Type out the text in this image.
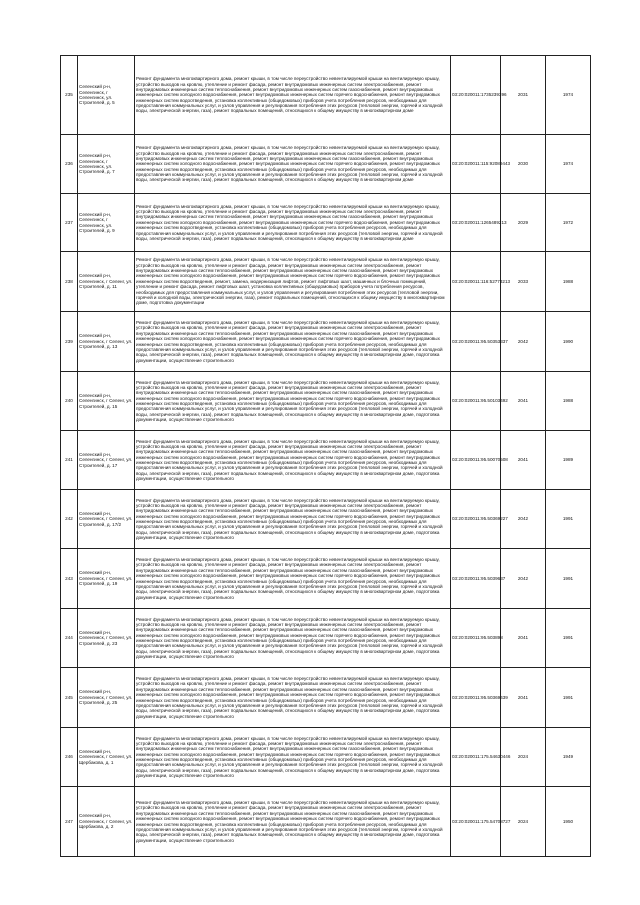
235	Селенский р-н, Селенгинск, г Селенгинск, ул. Строителей, д. 5	Ремонт фундамента многоквартирного дома, ремонт крыши, в том числе переустройство невентилируемой крыши на вентилируемую крышу, устройство выходов на кровлю, утепление и ремонт фасада, ремонт внутридомовых инженерных систем электроснабжения, ремонт внутридомовых инженерных систем теплоснабжения, ремонт внутридомовых инженерных систем газоснабжения, ремонт внутридомовых инженерных систем холодного водоснабжения, ремонт внутридомовых инженерных систем горячего водоснабжения, ремонт внутридомовых инженерных систем водоотведения, установка коллективных (общедомовых) приборов учета потребления ресурсов, необходимых для предоставления коммунальных услуг, и узлов управления и регулирования потребления этих ресурсов (тепловой энергии, горячей и холодной воды, электрической энергии, газа), ремонт подвальных помещений, относящихся к общему имуществу в многоквартирном доме	03:20:020011:1735239396	2031	1974
236	Селенский р-н, Селенгинск, г Селенгинск, ул. Строителей, д. 7	Ремонт фундамента многоквартирного дома, ремонт крыши, в том числе переустройство невентилируемой крыши на вентилируемую крышу, устройство выходов на кровлю, утепление и ремонт фасада, ремонт внутридомовых инженерных систем электроснабжения, ремонт внутридомовых инженерных систем теплоснабжения, ремонт внутридомовых инженерных систем газоснабжения, ремонт внутридомовых инженерных систем холодного водоснабжения, ремонт внутридомовых инженерных систем горячего водоснабжения, ремонт внутридомовых инженерных систем водоотведения, установка коллективных (общедомовых) приборов учета потребления ресурсов, необходимых для предоставления коммунальных услуг, и узлов управления и регулирования потребления этих ресурсов (тепловой энергии, горячей и холодной воды, электрической энергии, газа), ремонт подвальных помещений, относящихся к общему имуществу в многоквартирном доме	03:20:020011:115:92089443	2030	1974
237	Селенский р-н, Селенгинск, г Селенгинск, ул. Строителей, д. 9	Ремонт фундамента многоквартирного дома, ремонт крыши, в том числе переустройство невентилируемой крыши на вентилируемую крышу, устройство выходов на кровлю, утепление и ремонт фасада, ремонт внутридомовых инженерных систем электроснабжения, ремонт внутридомовых инженерных систем теплоснабжения, ремонт внутридомовых инженерных систем газоснабжения, ремонт внутридомовых инженерных систем холодного водоснабжения, ремонт внутридомовых инженерных систем горячего водоснабжения, ремонт внутридомовых инженерных систем водоотведения, установка коллективных (общедомовых) приборов учета потребления ресурсов, необходимых для предоставления коммунальных услуг, и узлов управления и регулирования потребления этих ресурсов (тепловой энергии, горячей и холодной воды, электрической энергии, газа), ремонт подвальных помещений, относящихся к общему имуществу в многоквартирном доме	03:20:020011:1265489213	2029	1972
238	Селенский р-н, Селенгинск, г Селенг, ул. Строителей, д. 11	Ремонт фундамента многоквартирного дома, ремонт крыши, в том числе переустройство невентилируемой крыши на вентилируемую крышу, устройство выходов на кровлю, утепление и ремонт фасада, ремонт внутридомовых инженерных систем электроснабжения, ремонт внутридомовых инженерных систем теплоснабжения, ремонт внутридомовых инженерных систем газоснабжения, ремонт внутридомовых инженерных систем холодного водоснабжения, ремонт внутридомовых инженерных систем горячего водоснабжения, ремонт внутридомовых инженерных систем водоотведения, ремонт, замена, модернизация лифтов, ремонт лифтовых шахт, машинных и блочных помещений, утепление и ремонт фасада, ремонт лифтовых шахт, установка коллективных (общедомовых) приборов учета потребления ресурсов, необходимых для предоставления коммунальных услуг, и узлов управления и регулирования потребления этих ресурсов (тепловой энергии, горячей и холодной воды, электрической энергии, газа), ремонт подвальных помещений, относящихся к общему имуществу в многоквартирном доме, подготовка документации	03:20:020011:116:52773213	2033	1988
239	Селенский р-н, Селенгинск, г Селенг, ул. Строителей, д. 13	Ремонт фундамента многоквартирного дома, ремонт крыши, в том числе переустройство невентилируемой крыши на вентилируемую крышу, устройство выходов на кровлю, утепление и ремонт фасада, ремонт внутридомовых инженерных систем электроснабжения, ремонт внутридомовых инженерных систем теплоснабжения, ремонт внутридомовых инженерных систем газоснабжения, ремонт внутридомовых инженерных систем холодного водоснабжения, ремонт внутридомовых инженерных систем горячего водоснабжения, ремонт внутридомовых инженерных систем водоотведения, установка коллективных (общедомовых) приборов учета потребления ресурсов, необходимых для предоставления коммунальных услуг, и узлов управления и регулирования потребления этих ресурсов (тепловой энергии, горячей и холодной воды, электрической энергии, газа), ремонт подвальных помещений, относящихся к общему имуществу в многоквартирном доме, подготовка документации, осуществление строительного	03:20:020011:95.50353337	2042	1990
240	Селенский р-н, Селенгинск, г Селенг, ул. Строителей, д. 15	Ремонт фундамента многоквартирного дома, ремонт крыши, в том числе переустройство невентилируемой крыши на вентилируемую крышу, устройство выходов на кровлю, утепление и ремонт фасада, ремонт внутридомовых инженерных систем электроснабжения, ремонт внутридомовых инженерных систем теплоснабжения, ремонт внутридомовых инженерных систем газоснабжения, ремонт внутридомовых инженерных систем холодного водоснабжения, ремонт внутридомовых инженерных систем горячего водоснабжения, ремонт внутридомовых инженерных систем водоотведения, установка коллективных (общедомовых) приборов учета потребления ресурсов, необходимых для предоставления коммунальных услуг, и узлов управления и регулирования потребления этих ресурсов (тепловой энергии, горячей и холодной воды, электрической энергии, газа), ремонт подвальных помещений, относящихся к общему имуществу в многоквартирном доме, подготовка документации, осуществление строительного	03:20:020011:95.50103492	2041	1988
241	Селенский р-н, Селенгинск, г Селенг, ул. Строителей, д. 17	Ремонт фундамента многоквартирного дома, ремонт крыши, в том числе переустройство невентилируемой крыши на вентилируемую крышу, устройство выходов на кровлю, утепление и ремонт фасада, ремонт внутридомовых инженерных систем электроснабжения, ремонт внутридомовых инженерных систем теплоснабжения, ремонт внутридомовых инженерных систем газоснабжения, ремонт внутридомовых инженерных систем холодного водоснабжения, ремонт внутридомовых инженерных систем горячего водоснабжения, ремонт внутридомовых инженерных систем водоотведения, установка коллективных (общедомовых) приборов учета потребления ресурсов, необходимых для предоставления коммунальных услуг, и узлов управления и регулирования потребления этих ресурсов (тепловой энергии, горячей и холодной воды, электрической энергии, газа), ремонт подвальных помещений, относящихся к общему имуществу в многоквартирном доме, подготовка документации, осуществление строительного	03:20:020011:95.50070508	2041	1989
242	Селенский р-н, Селенгинск, г Селенг, ул. Строителей, д. 17/2	Ремонт фундамента многоквартирного дома, ремонт крыши, в том числе переустройство невентилируемой крыши на вентилируемую крышу, устройство выходов на кровлю, утепление и ремонт фасада, ремонт внутридомовых инженерных систем электроснабжения, ремонт внутридомовых инженерных систем теплоснабжения, ремонт внутридомовых инженерных систем газоснабжения, ремонт внутридомовых инженерных систем холодного водоснабжения, ремонт внутридомовых инженерных систем горячего водоснабжения, ремонт внутридомовых инженерных систем водоотведения, установка коллективных (общедомовых) приборов учета потребления ресурсов, необходимых для предоставления коммунальных услуг, и узлов управления и регулирования потребления этих ресурсов (тепловой энергии, горячей и холодной воды, электрической энергии, газа), ремонт подвальных помещений, относящихся к общему имуществу в многоквартирном доме, подготовка документации, осуществление строительного	03:20:020011:95.50369227	2042	1991
243	Селенский р-н, Селенгинск, г Селенг, ул. Строителей, д. 19	Ремонт фундамента многоквартирного дома, ремонт крыши, в том числе переустройство невентилируемой крыши на вентилируемую крышу, устройство выходов на кровлю, утепление и ремонт фасада, ремонт внутридомовых инженерных систем электроснабжения, ремонт внутридомовых инженерных систем теплоснабжения, ремонт внутридомовых инженерных систем газоснабжения, ремонт внутридомовых инженерных систем холодного водоснабжения, ремонт внутридомовых инженерных систем горячего водоснабжения, ремонт внутридомовых инженерных систем водоотведения, установка коллективных (общедомовых) приборов учета потребления ресурсов, необходимых для предоставления коммунальных услуг, и узлов управления и регулирования потребления этих ресурсов (тепловой энергии, горячей и холодной воды, электрической энергии, газа), ремонт подвальных помещений, относящихся к общему имуществу в многоквартирном доме, подготовка документации, осуществление строительного	03:20:020011:95.5039637	2042	1991
244	Селенский р-н, Селенгинск, г Селенг, ул. Строителей, д. 23	Ремонт фундамента многоквартирного дома, ремонт крыши, в том числе переустройство невентилируемой крыши на вентилируемую крышу, устройство выходов на кровлю, утепление и ремонт фасада, ремонт внутридомовых инженерных систем электроснабжения, ремонт внутридомовых инженерных систем теплоснабжения, ремонт внутридомовых инженерных систем газоснабжения, ремонт внутридомовых инженерных систем холодного водоснабжения, ремонт внутридомовых инженерных систем горячего водоснабжения, ремонт внутридомовых инженерных систем водоотведения, установка коллективных (общедомовых) приборов учета потребления ресурсов, необходимых для предоставления коммунальных услуг, и узлов управления и регулирования потребления этих ресурсов (тепловой энергии, горячей и холодной воды, электрической энергии, газа), ремонт подвальных помещений, относящихся к общему имуществу в многоквартирном доме, подготовка документации, осуществление строительного	03:20:020011:95.503898	2041	1991
245	Селенский р-н, Селенгинск, г Селенг, ул. Строителей, д. 25	Ремонт фундамента многоквартирного дома, ремонт крыши, в том числе переустройство невентилируемой крыши на вентилируемую крышу, устройство выходов на кровлю, утепление и ремонт фасада, ремонт внутридомовых инженерных систем электроснабжения, ремонт внутридомовых инженерных систем теплоснабжения, ремонт внутридомовых инженерных систем газоснабжения, ремонт внутридомовых инженерных систем холодного водоснабжения, ремонт внутридомовых инженерных систем горячего водоснабжения, ремонт внутридомовых инженерных систем водоотведения, установка коллективных (общедомовых) приборов учета потребления ресурсов, необходимых для предоставления коммунальных услуг, и узлов управления и регулирования потребления этих ресурсов (тепловой энергии, горячей и холодной воды, электрической энергии, газа), ремонт подвальных помещений, относящихся к общему имуществу в многоквартирном доме, подготовка документации, осуществление строительного	03:20:020011:95.50369439	2041	1991
246	Селенский р-н, Селенгинск, г Селенг, ул. Щербакова, д. 1	Ремонт фундамента многоквартирного дома, ремонт крыши, в том числе переустройство невентилируемой крыши на вентилируемую крышу, устройство выходов на кровлю, утепление и ремонт фасада, ремонт внутридомовых инженерных систем электроснабжения, ремонт внутридомовых инженерных систем теплоснабжения, ремонт внутридомовых инженерных систем газоснабжения, ремонт внутридомовых инженерных систем холодного водоснабжения, ремонт внутридомовых инженерных систем горячего водоснабжения, ремонт внутридомовых инженерных систем водоотведения, установка коллективных (общедомовых) приборов учета потребления ресурсов, необходимых для предоставления коммунальных услуг, и узлов управления и регулирования потребления этих ресурсов (тепловой энергии, горячей и холодной воды, электрической энергии, газа), ремонт подвальных помещений, относящихся к общему имуществу в многоквартирном доме, подготовка документации, осуществление строительного	03:20:020011:175.54630446	2024	1949
247	Селенский р-н, Селенгинск, г Селенг, ул. Щербакова, д. 2	Ремонт фундамента многоквартирного дома, ремонт крыши, в том числе переустройство невентилируемой крыши на вентилируемую крышу, устройство выходов на кровлю, утепление и ремонт фасада, ремонт внутридомовых инженерных систем электроснабжения, ремонт внутридомовых инженерных систем теплоснабжения, ремонт внутридомовых инженерных систем газоснабжения, ремонт внутридомовых инженерных систем холодного водоснабжения, ремонт внутридомовых инженерных систем горячего водоснабжения, ремонт внутридомовых инженерных систем водоотведения, установка коллективных (общедомовых) приборов учета потребления ресурсов, необходимых для предоставления коммунальных услуг, и узлов управления и регулирования потребления этих ресурсов (тепловой энергии, горячей и холодной воды, электрической энергии, газа), ремонт подвальных помещений, относящихся к общему имуществу в многоквартирном доме, подготовка документации, осуществление строительного	03:20:020011:175.54708727	2024	1950
